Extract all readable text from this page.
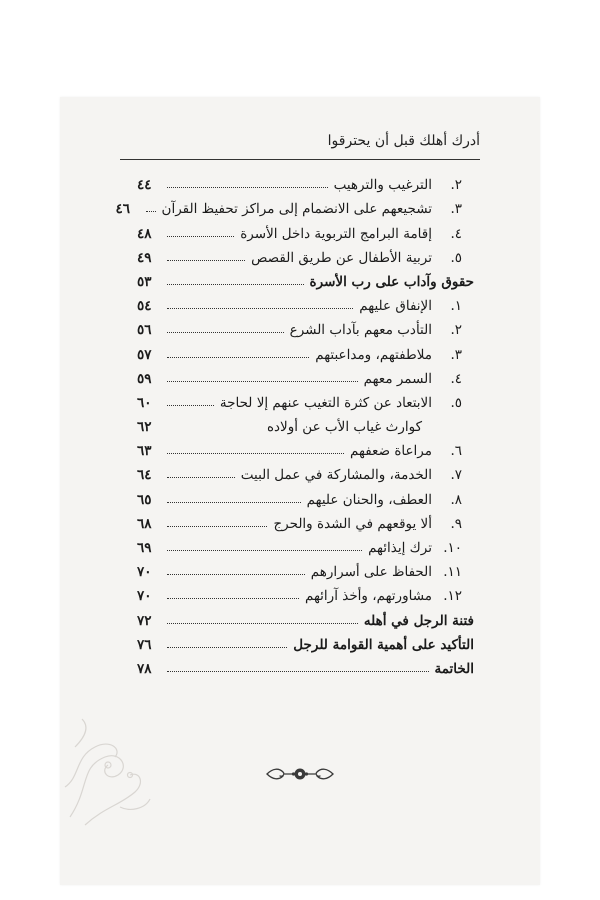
أدرك أهلك قبل أن يحترقوا
٢.
الترغيب والترهيب
٤٤
٣.
تشجيعهم على الانضمام إلى مراكز تحفيظ القرآن
٤٦
٤.
إقامة البرامج التربوية داخل الأسرة
٤٨
٥.
تربية الأطفال عن طريق القصص
٤٩
حقوق وآداب على رب الأسرة
٥٣
١.
الإنفاق عليهم
٥٤
٢.
التأدب معهم بآداب الشرع
٥٦
٣.
ملاطفتهم، ومداعبتهم
٥٧
٤.
السمر معهم
٥٩
٥.
الابتعاد عن كثرة التغيب عنهم إلا لحاجة
٦٠
كوارث غياب الأب عن أولاده
٦٢
٦.
مراعاة ضعفهم
٦٣
٧.
الخدمة، والمشاركة في عمل البيت
٦٤
٨.
العطف، والحنان عليهم
٦٥
٩.
ألا يوقعهم في الشدة والحرج
٦٨
١٠.
ترك إيذائهم
٦٩
١١.
الحفاظ على أسرارهم
٧٠
١٢.
مشاورتهم، وأخذ آرائهم
٧٠
فتنة الرجل في أهله
٧٢
التأكيد على أهمية القوامة للرجل
٧٦
الخاتمة
٧٨
